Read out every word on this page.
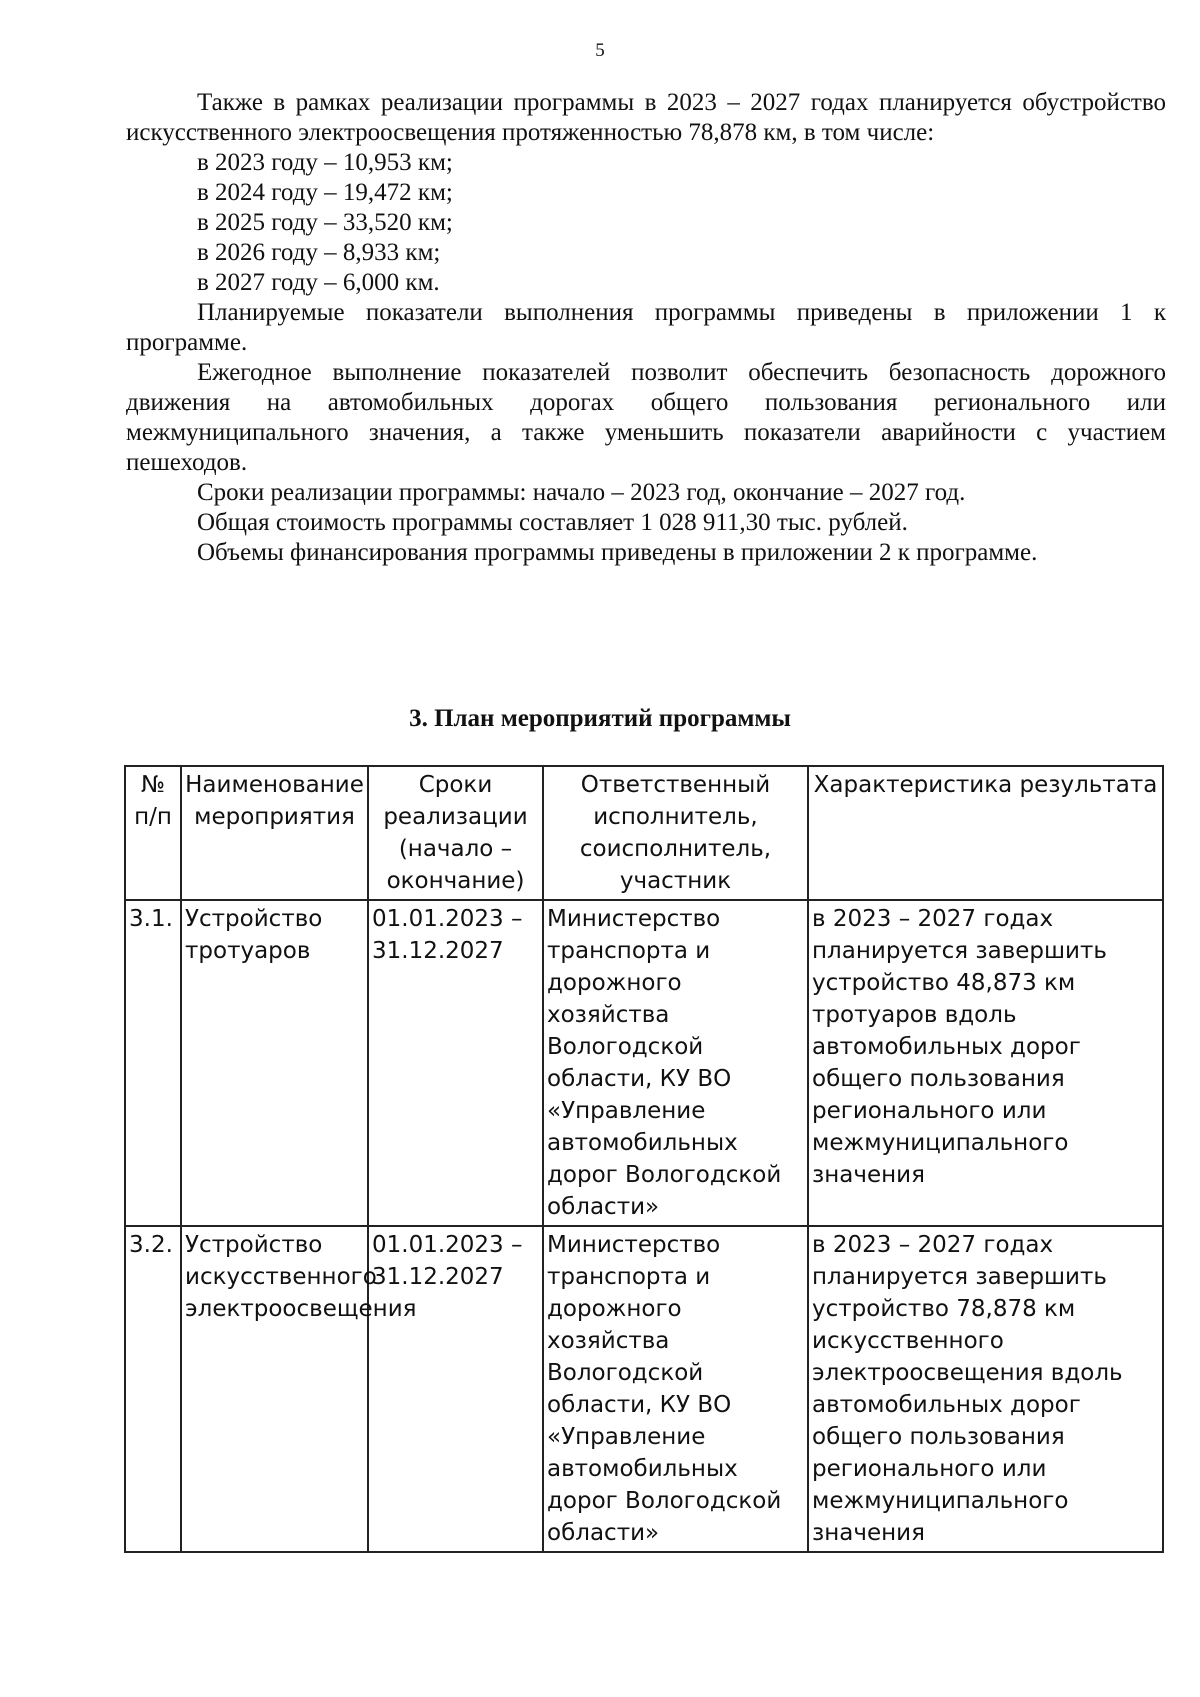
5

Также в рамках реализации программы в 2023 – 2027 годах планируется обустройство искусственного электроосвещения протяженностью 78,878 км, в том числе:

в 2023 году – 10,953 км;
в 2024 году – 19,472 км;
в 2025 году – 33,520 км;
в 2026 году – 8,933 км;
в 2027 году – 6,000 км.

Планируемые показатели выполнения программы приведены в приложении 1 к программе.

Ежегодное выполнение показателей позволит обеспечить безопасность дорожного движения на автомобильных дорогах общего пользования регионального или межмуниципального значения, а также уменьшить показатели аварийности с участием пешеходов.

Сроки реализации программы: начало – 2023 год, окончание – 2027 год.

Общая стоимость программы составляет 1 028 911,30 тыс. рублей.

Объемы финансирования программы приведены в приложении 2 к программе.

3. План мероприятий программы
№ п/п	Наименование мероприятия	Сроки реализации (начало – окончание)	Ответственный исполнитель, соисполнитель, участник	Характеристика результата
3.1.	Устройство тротуаров	01.01.2023 – 31.12.2027	Министерство транспорта и дорожного хозяйства Вологодской области, КУ ВО «Управление автомобильных дорог Вологодской области»	в 2023 – 2027 годах планируется завершить устройство 48,873 км тротуаров вдоль автомобильных дорог общего пользования регионального или межмуниципального значения
3.2.	Устройство искусственного электроосвещения	01.01.2023 – 31.12.2027	Министерство транспорта и дорожного хозяйства Вологодской области, КУ ВО «Управление автомобильных дорог Вологодской области»	в 2023 – 2027 годах планируется завершить устройство 78,878 км искусственного электроосвещения вдоль автомобильных дорог общего пользования регионального или межмуниципального значения
